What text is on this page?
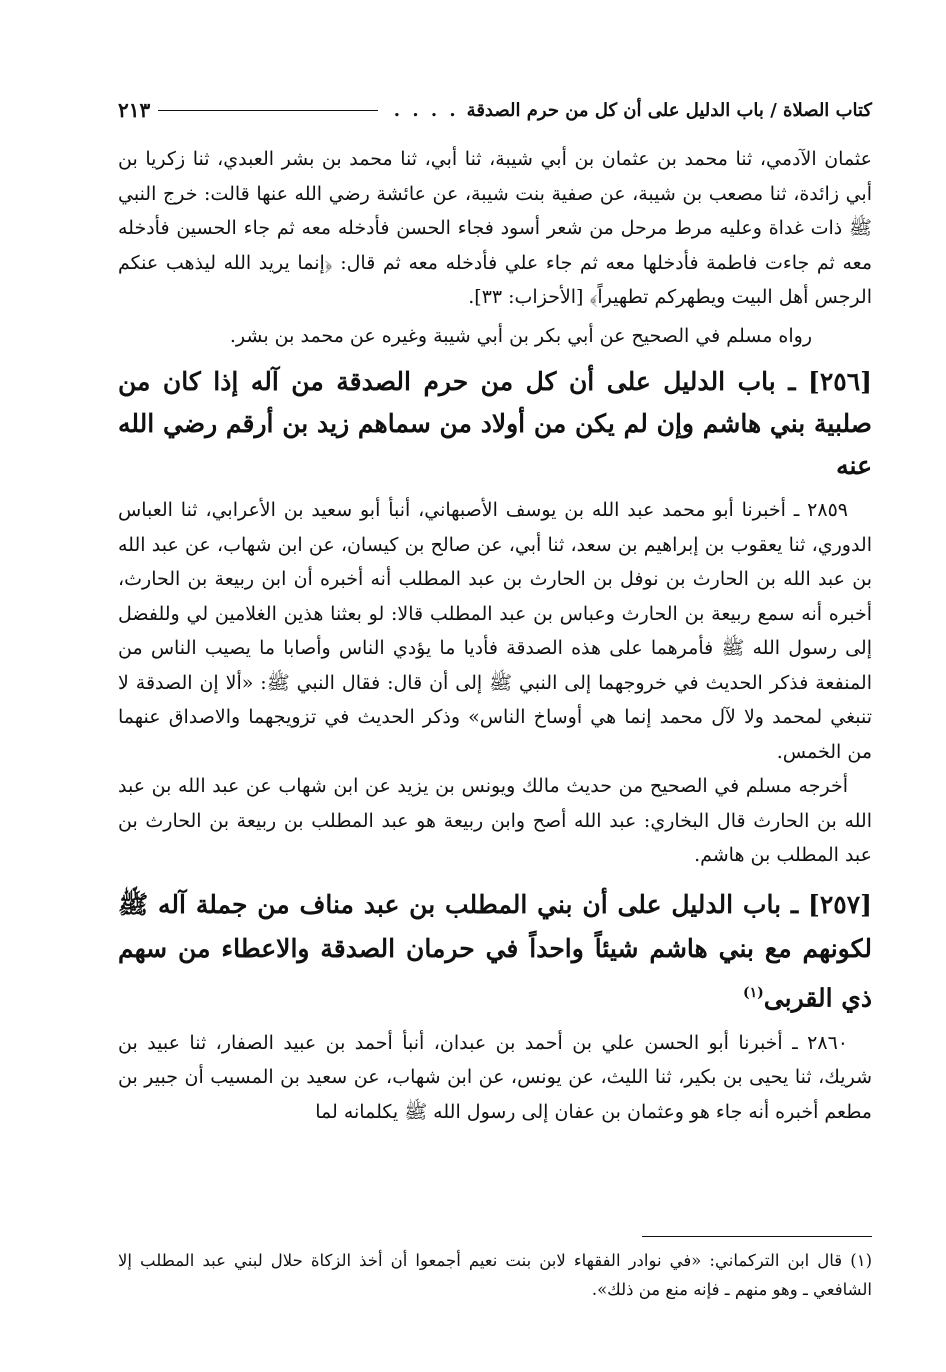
كتاب الصلاة / باب الدليل على أن كل من حرم الصدقة
. . . .
٢١٣

عثمان الآدمي، ثنا محمد بن عثمان بن أبي شيبة، ثنا أبي، ثنا محمد بن بشر العبدي، ثنا زكريا بن أبي زائدة، ثنا مصعب بن شيبة، عن صفية بنت شيبة، عن عائشة رضي الله عنها قالت: خرج النبي ﷺ ذات غداة وعليه مرط مرحل من شعر أسود فجاء الحسن فأدخله معه ثم جاء الحسين فأدخله معه ثم جاءت فاطمة فأدخلها معه ثم جاء علي فأدخله معه ثم قال: ﴿إنما يريد الله ليذهب عنكم الرجس أهل البيت ويطهركم تطهيراً﴾ [الأحزاب: ٣٣].

رواه مسلم في الصحيح عن أبي بكر بن أبي شيبة وغيره عن محمد بن بشر.

[٢٥٦] ـ باب الدليل على أن كل من حرم الصدقة من آله إذا كان من صلبية بني هاشم وإن لم يكن من أولاد من سماهم زيد بن أرقم رضي الله عنه

٢٨٥٩ ـ أخبرنا أبو محمد عبد الله بن يوسف الأصبهاني، أنبأ أبو سعيد بن الأعرابي، ثنا العباس الدوري، ثنا يعقوب بن إبراهيم بن سعد، ثنا أبي، عن صالح بن كيسان، عن ابن شهاب، عن عبد الله بن عبد الله بن الحارث بن نوفل بن الحارث بن عبد المطلب أنه أخبره أن ابن ربيعة بن الحارث، أخبره أنه سمع ربيعة بن الحارث وعباس بن عبد المطلب قالا: لو بعثنا هذين الغلامين لي وللفضل إلى رسول الله ﷺ فأمرهما على هذه الصدقة فأديا ما يؤدي الناس وأصابا ما يصيب الناس من المنفعة فذكر الحديث في خروجهما إلى النبي ﷺ إلى أن قال: فقال النبي ﷺ: «ألا إن الصدقة لا تنبغي لمحمد ولا لآل محمد إنما هي أوساخ الناس» وذكر الحديث في تزويجهما والاصداق عنهما من الخمس.

أخرجه مسلم في الصحيح من حديث مالك ويونس بن يزيد عن ابن شهاب عن عبد الله بن عبد الله بن الحارث قال البخاري: عبد الله أصح وابن ربيعة هو عبد المطلب بن ربيعة بن الحارث بن عبد المطلب بن هاشم.

[٢٥٧] ـ باب الدليل على أن بني المطلب بن عبد مناف من جملة آله ﷺ لكونهم مع بني هاشم شيئاً واحداً في حرمان الصدقة والاعطاء من سهم ذي القربى$^{(١)}$

٢٨٦٠ ـ أخبرنا أبو الحسن علي بن أحمد بن عبدان، أنبأ أحمد بن عبيد الصفار، ثنا عبيد بن شريك، ثنا يحيى بن بكير، ثنا الليث، عن يونس، عن ابن شهاب، عن سعيد بن المسيب أن جبير بن مطعم أخبره أنه جاء هو وعثمان بن عفان إلى رسول الله ﷺ يكلمانه لما

(١) قال ابن التركماني: «في نوادر الفقهاء لابن بنت نعيم أجمعوا أن أخذ الزكاة حلال لبني عبد المطلب إلا الشافعي ـ وهو منهم ـ فإنه منع من ذلك».
